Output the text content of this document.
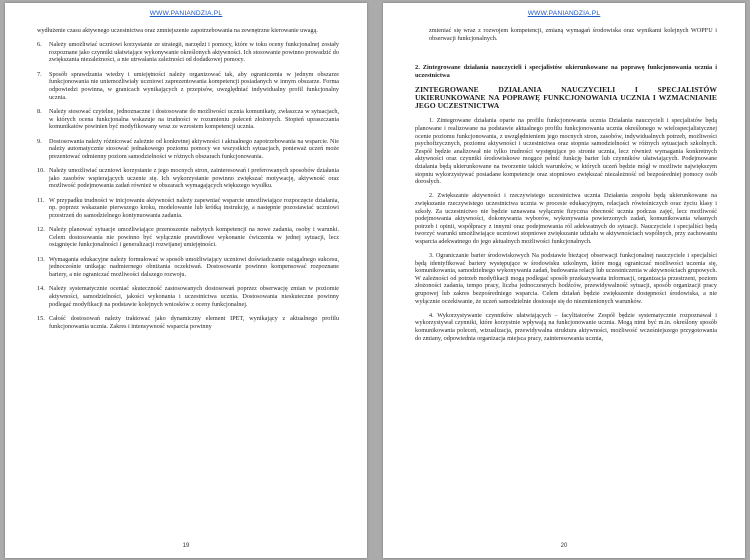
WWW.PANIANDZIA.PL

wydłużenie czasu aktywnego uczestnictwa oraz zmniejszenie zapotrzebowania na zewnętrzne kierowanie uwagą.

6.	Należy umożliwiać uczniowi korzystanie ze strategii, narzędzi i pomocy, które w toku oceny funkcjonalnej zostały rozpoznane jako czynniki ułatwiające wykonywanie określonych aktywności. Ich stosowanie powinno prowadzić do zwiększania niezależności, a nie utrwalania zależności od dodatkowej pomocy.
7.	Sposób sprawdzania wiedzy i umiejętności należy organizować tak, aby ograniczenia w jednym obszarze funkcjonowania nie uniemożliwiały uczniowi zaprezentowania kompetencji posiadanych w innym obszarze. Forma odpowiedzi powinna, w granicach wynikających z przepisów, uwzględniać indywidualny profil funkcjonalny ucznia.
8.	Należy stosować czytelne, jednoznaczne i dostosowane do możliwości ucznia komunikaty, zwłaszcza w sytuacjach, w których ocena funkcjonalna wskazuje na trudności w rozumieniu poleceń złożonych. Stopień upraszczania komunikatów powinien być modyfikowany wraz ze wzrostem kompetencji ucznia.
9.	Dostosowania należy różnicować zależnie od konkretnej aktywności i aktualnego zapotrzebowania na wsparcie. Nie należy automatycznie stosować jednakowego poziomu pomocy we wszystkich sytuacjach, ponieważ uczeń może prezentować odmienny poziom samodzielności w różnych obszarach funkcjonowania.
10. Należy umożliwiać uczniowi korzystanie z jego mocnych stron, zainteresowań i preferowanych sposobów działania jako zasobów wspierających uczenie się. Ich wykorzystanie powinno zwiększać motywację, aktywność oraz możliwość podejmowania zadań również w obszarach wymagających większego wysiłku.
11. W przypadku trudności w inicjowaniu aktywności należy zapewniać wsparcie umożliwiające rozpoczęcie działania, np. poprzez wskazanie pierwszego kroku, modelowanie lub krótką instrukcję, a następnie pozostawiać uczniowi przestrzeń do samodzielnego kontynuowania zadania.
12. Należy planować sytuacje umożliwiające przenoszenie nabytych kompetencji na nowe zadania, osoby i warunki. Celem dostosowania nie powinno być wyłącznie prawidłowe wykonanie ćwiczenia w jednej sytuacji, lecz osiągnięcie funkcjonalności i generalizacji rozwijanej umiejętności.
13. Wymagania edukacyjne należy formułować w sposób umożliwiający uczniowi doświadczanie osiągalnego sukcesu, jednocześnie unikając nadmiernego obniżania oczekiwań. Dostosowanie powinno kompensować rozpoznane bariery, a nie ograniczać możliwości dalszego rozwoju.
14. Należy systematycznie oceniać skuteczność zastosowanych dostosowań poprzez obserwację zmian w poziomie aktywności, samodzielności, jakości wykonania i uczestnictwa ucznia. Dostosowania nieskuteczne powinny podlegać modyfikacji na podstawie kolejnych wniosków z oceny funkcjonalnej.
15. Całość dostosowań należy traktować jako dynamiczny element IPET, wynikający z aktualnego profilu funkcjonowania ucznia. Zakres i intensywność wsparcia powinny
19
WWW.PANIANDZIA.PL

zmieniać się wraz z rozwojem kompetencji, zmianą wymagań środowiska oraz wynikami kolejnych WOPFU i obserwacji funkcjonalnych.

2. Zintegrowane działania nauczycieli i specjalistów ukierunkowane na poprawę funkcjonowania ucznia i uczestnictwa
ZINTEGROWANE DZIAŁANIA NAUCZYCIELI I SPECJALISTÓW UKIERUNKOWANE NA POPRAWĘ FUNKCJONOWANIA UCZNIA I WZMACNIANIE JEGO UCZESTNICTWA

1. Zintegrowane działania oparte na profilu funkcjonowania ucznia Działania nauczycieli i specjalistów będą planowane i realizowane na podstawie aktualnego profilu funkcjonowania ucznia określonego w wielospecjalistycznej ocenie poziomu funkcjonowania, z uwzględnieniem jego mocnych stron, zasobów, indywidualnych potrzeb, możliwości psychofizycznych, poziomu aktywności i uczestnictwa oraz stopnia samodzielności w różnych sytuacjach szkolnych. Zespół będzie analizował nie tylko trudności występujące po stronie ucznia, lecz również wymagania konkretnych aktywności oraz czynniki środowiskowe mogące pełnić funkcję barier lub czynników ułatwiających. Podejmowane działania będą ukierunkowane na tworzenie takich warunków, w których uczeń będzie mógł w możliwie największym stopniu wykorzystywać posiadane kompetencje oraz stopniowo zwiększać niezależność od bezpośredniej pomocy osób dorosłych.

2. Zwiększanie aktywności i rzeczywistego uczestnictwa ucznia Działania zespołu będą ukierunkowane na zwiększanie rzeczywistego uczestnictwa ucznia w procesie edukacyjnym, relacjach rówieśniczych oraz życiu klasy i szkoły. Za uczestnictwo nie będzie uznawana wyłącznie fizyczna obecność ucznia podczas zajęć, lecz możliwość podejmowania aktywności, dokonywania wyborów, wykonywania powierzonych zadań, komunikowania własnych potrzeb i opinii, współpracy z innymi oraz podejmowania ról adekwatnych do sytuacji. Nauczyciele i specjaliści będą tworzyć warunki umożliwiające uczniowi stopniowe zwiększanie udziału w aktywnościach wspólnych, przy zachowaniu wsparcia adekwatnego do jego aktualnych możliwości funkcjonalnych.

3. Ograniczanie barier środowiskowych Na podstawie bieżącej obserwacji funkcjonalnej nauczyciele i specjaliści będą identyfikować bariery występujące w środowisku szkolnym, które mogą ograniczać możliwości uczenia się, komunikowania, samodzielnego wykonywania zadań, budowania relacji lub uczestniczenia w aktywnościach grupowych. W zależności od potrzeb modyfikacji mogą podlegać sposób przekazywania informacji, organizacja przestrzeni, poziom złożoności zadania, tempo pracy, liczba jednoczesnych bodźców, przewidywalność sytuacji, sposób organizacji pracy grupowej lub zakres bezpośredniego wsparcia. Celem działań będzie zwiększenie dostępności środowiska, a nie wyłącznie oczekiwanie, że uczeń samodzielnie dostosuje się do niezmienionych warunków.

4. Wykorzystywanie czynników ułatwiających – facylitatorów Zespół będzie systematycznie rozpoznawał i wykorzystywał czynniki, które korzystnie wpływają na funkcjonowanie ucznia. Mogą nimi być m.in. określony sposób komunikowania poleceń, wizualizacja, przewidywalna struktura aktywności, możliwość wcześniejszego przygotowania do zmiany, odpowiednia organizacja miejsca pracy, zainteresowania ucznia,

20
